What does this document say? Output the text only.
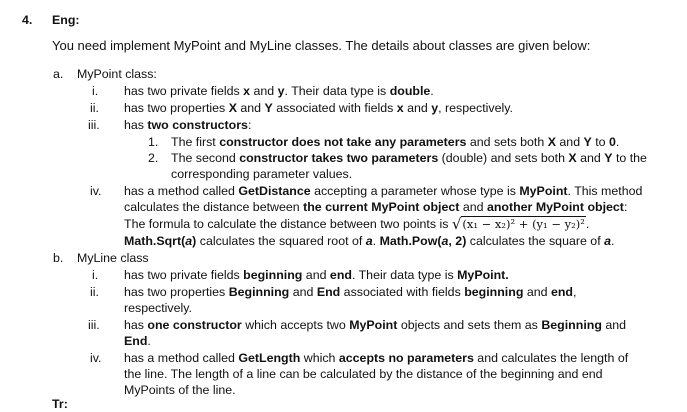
4. Eng:
You need implement MyPoint and MyLine classes. The details about classes are given below:
a. MyPoint class:
i. has two private fields x and y. Their data type is double.
ii. has two properties X and Y associated with fields x and y, respectively.
iii. has two constructors:
1. The first constructor does not take any parameters and sets both X and Y to 0.
2. The second constructor takes two parameters (double) and sets both X and Y to the
corresponding parameter values.
iv. has a method called GetDistance accepting a parameter whose type is MyPoint. This method
calculates the distance between the current MyPoint object and another MyPoint object:
The formula to calculate the distance between two points is √(x₁ − x₂)² + (y₁ − y₂)².
Math.Sqrt(a) calculates the squared root of a. Math.Pow(a, 2) calculates the square of a.
b. MyLine class
i. has two private fields beginning and end. Their data type is MyPoint.
ii. has two properties Beginning and End associated with fields beginning and end,
respectively.
iii. has one constructor which accepts two MyPoint objects and sets them as Beginning and
End.
iv. has a method called GetLength which accepts no parameters and calculates the length of
the line. The length of a line can be calculated by the distance of the beginning and end
MyPoints of the line.
Tr:
